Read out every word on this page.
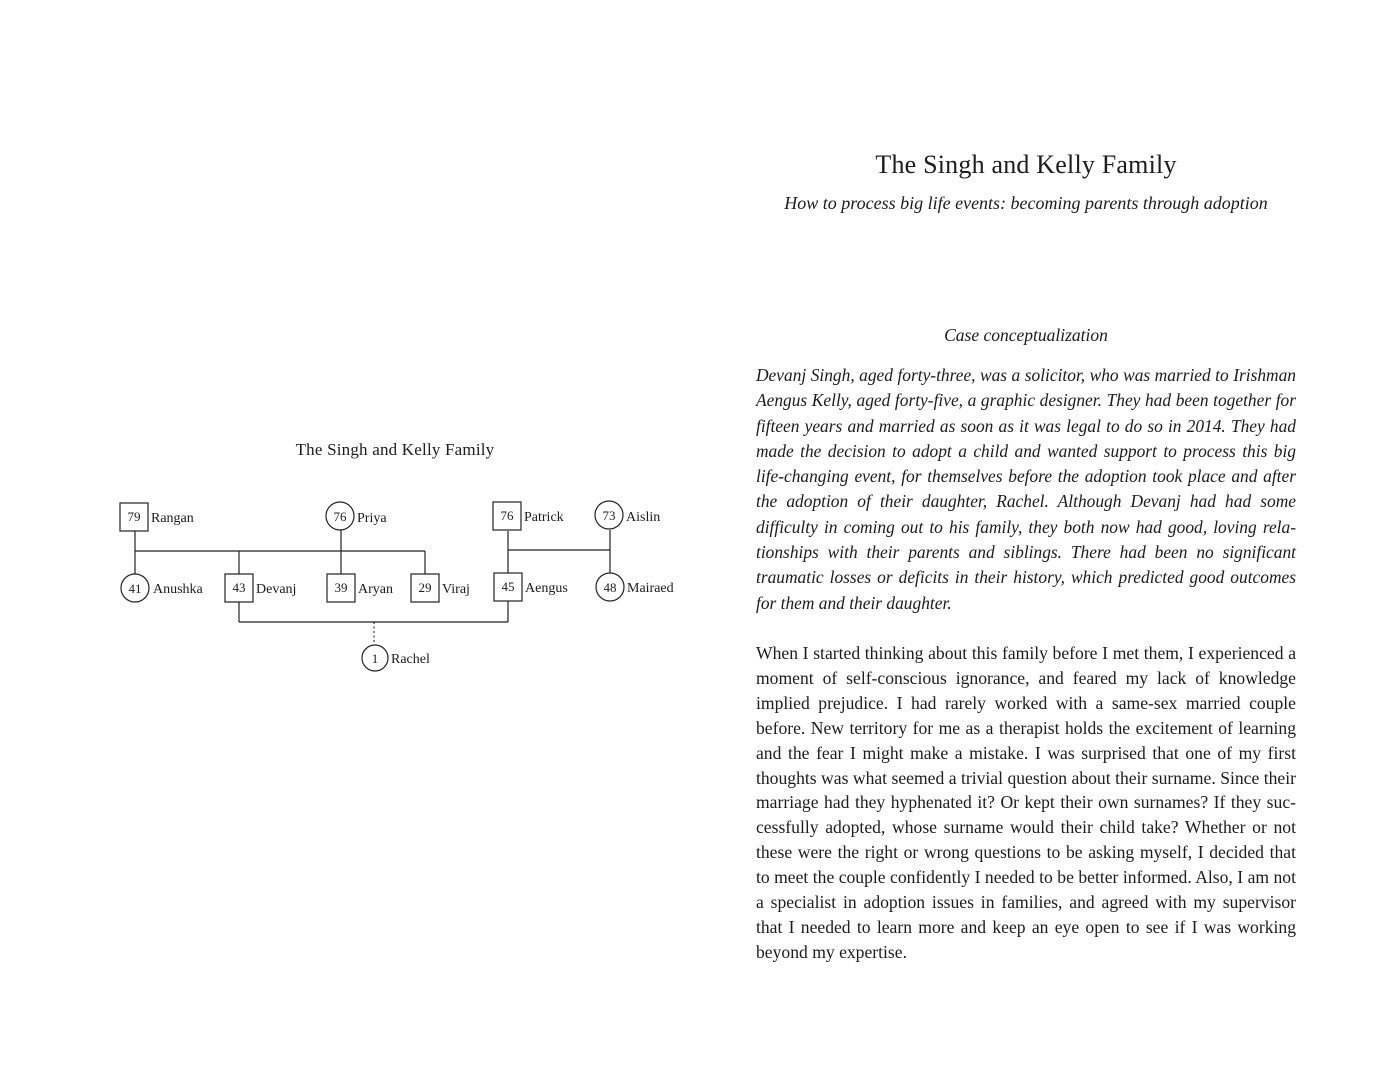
The Singh and Kelly Family
79 Rangan	76 Priya	76 Patrick	73 Aislin
41 Anushka 43 Devanj	39 Aryan 29 Viraj 45 Aengus	48 Mairaed
1 Rachel
The Singh and Kelly Family
How to process big life events: becoming parents through adoption
Case conceptualization

Devanj Singh, aged forty-three, was a solicitor, who was married to Irishman Aengus Kelly, aged forty-five, a graphic designer. They had been together for fifteen years and married as soon as it was legal to do so in 2014. They had made the decision to adopt a child and wanted support to process this big life-changing event, for themselves before the adoption took place and after the adoption of their daughter, Rachel. Although Devanj had had some difficulty in coming out to his family, they both now had good, loving relationships with their parents and siblings. There had been no significant traumatic losses or deficits in their history, which predicted good outcomes for them and their daughter.

When I started thinking about this family before I met them, I experienced a moment of self-conscious ignorance, and feared my lack of knowledge implied prejudice. I had rarely worked with a same-sex married couple before. New territory for me as a therapist holds the excitement of learning and the fear I might make a mistake. I was surprised that one of my first thoughts was what seemed a trivial question about their surname. Since their marriage had they hyphenated it? Or kept their own surnames? If they successfully adopted, whose surname would their child take? Whether or not these were the right or wrong questions to be asking myself, I decided that to meet the couple confidently I needed to be better informed. Also, I am not a specialist in adoption issues in families, and agreed with my supervisor that I needed to learn more and keep an eye open to see if I was working beyond my expertise.
